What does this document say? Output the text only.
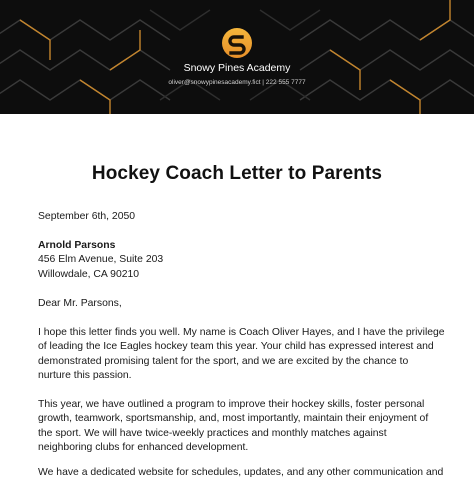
Snowy Pines Academy
oliver@snowypinesacademy.fict | 222 555 7777
Hockey Coach Letter to Parents
September 6th, 2050
Arnold Parsons
456 Elm Avenue, Suite 203
Willowdale, CA 90210
Dear Mr. Parsons,
I hope this letter finds you well. My name is Coach Oliver Hayes, and I have the privilege
of leading the Ice Eagles hockey team this year. Your child has expressed interest and
demonstrated promising talent for the sport, and we are excited by the chance to
nurture this passion.
This year, we have outlined a program to improve their hockey skills, foster personal
growth, teamwork, sportsmanship, and, most importantly, maintain their enjoyment of
the sport. We will have twice-weekly practices and monthly matches against
neighboring clubs for enhanced development.
We have a dedicated website for schedules, updates, and any other communication and
